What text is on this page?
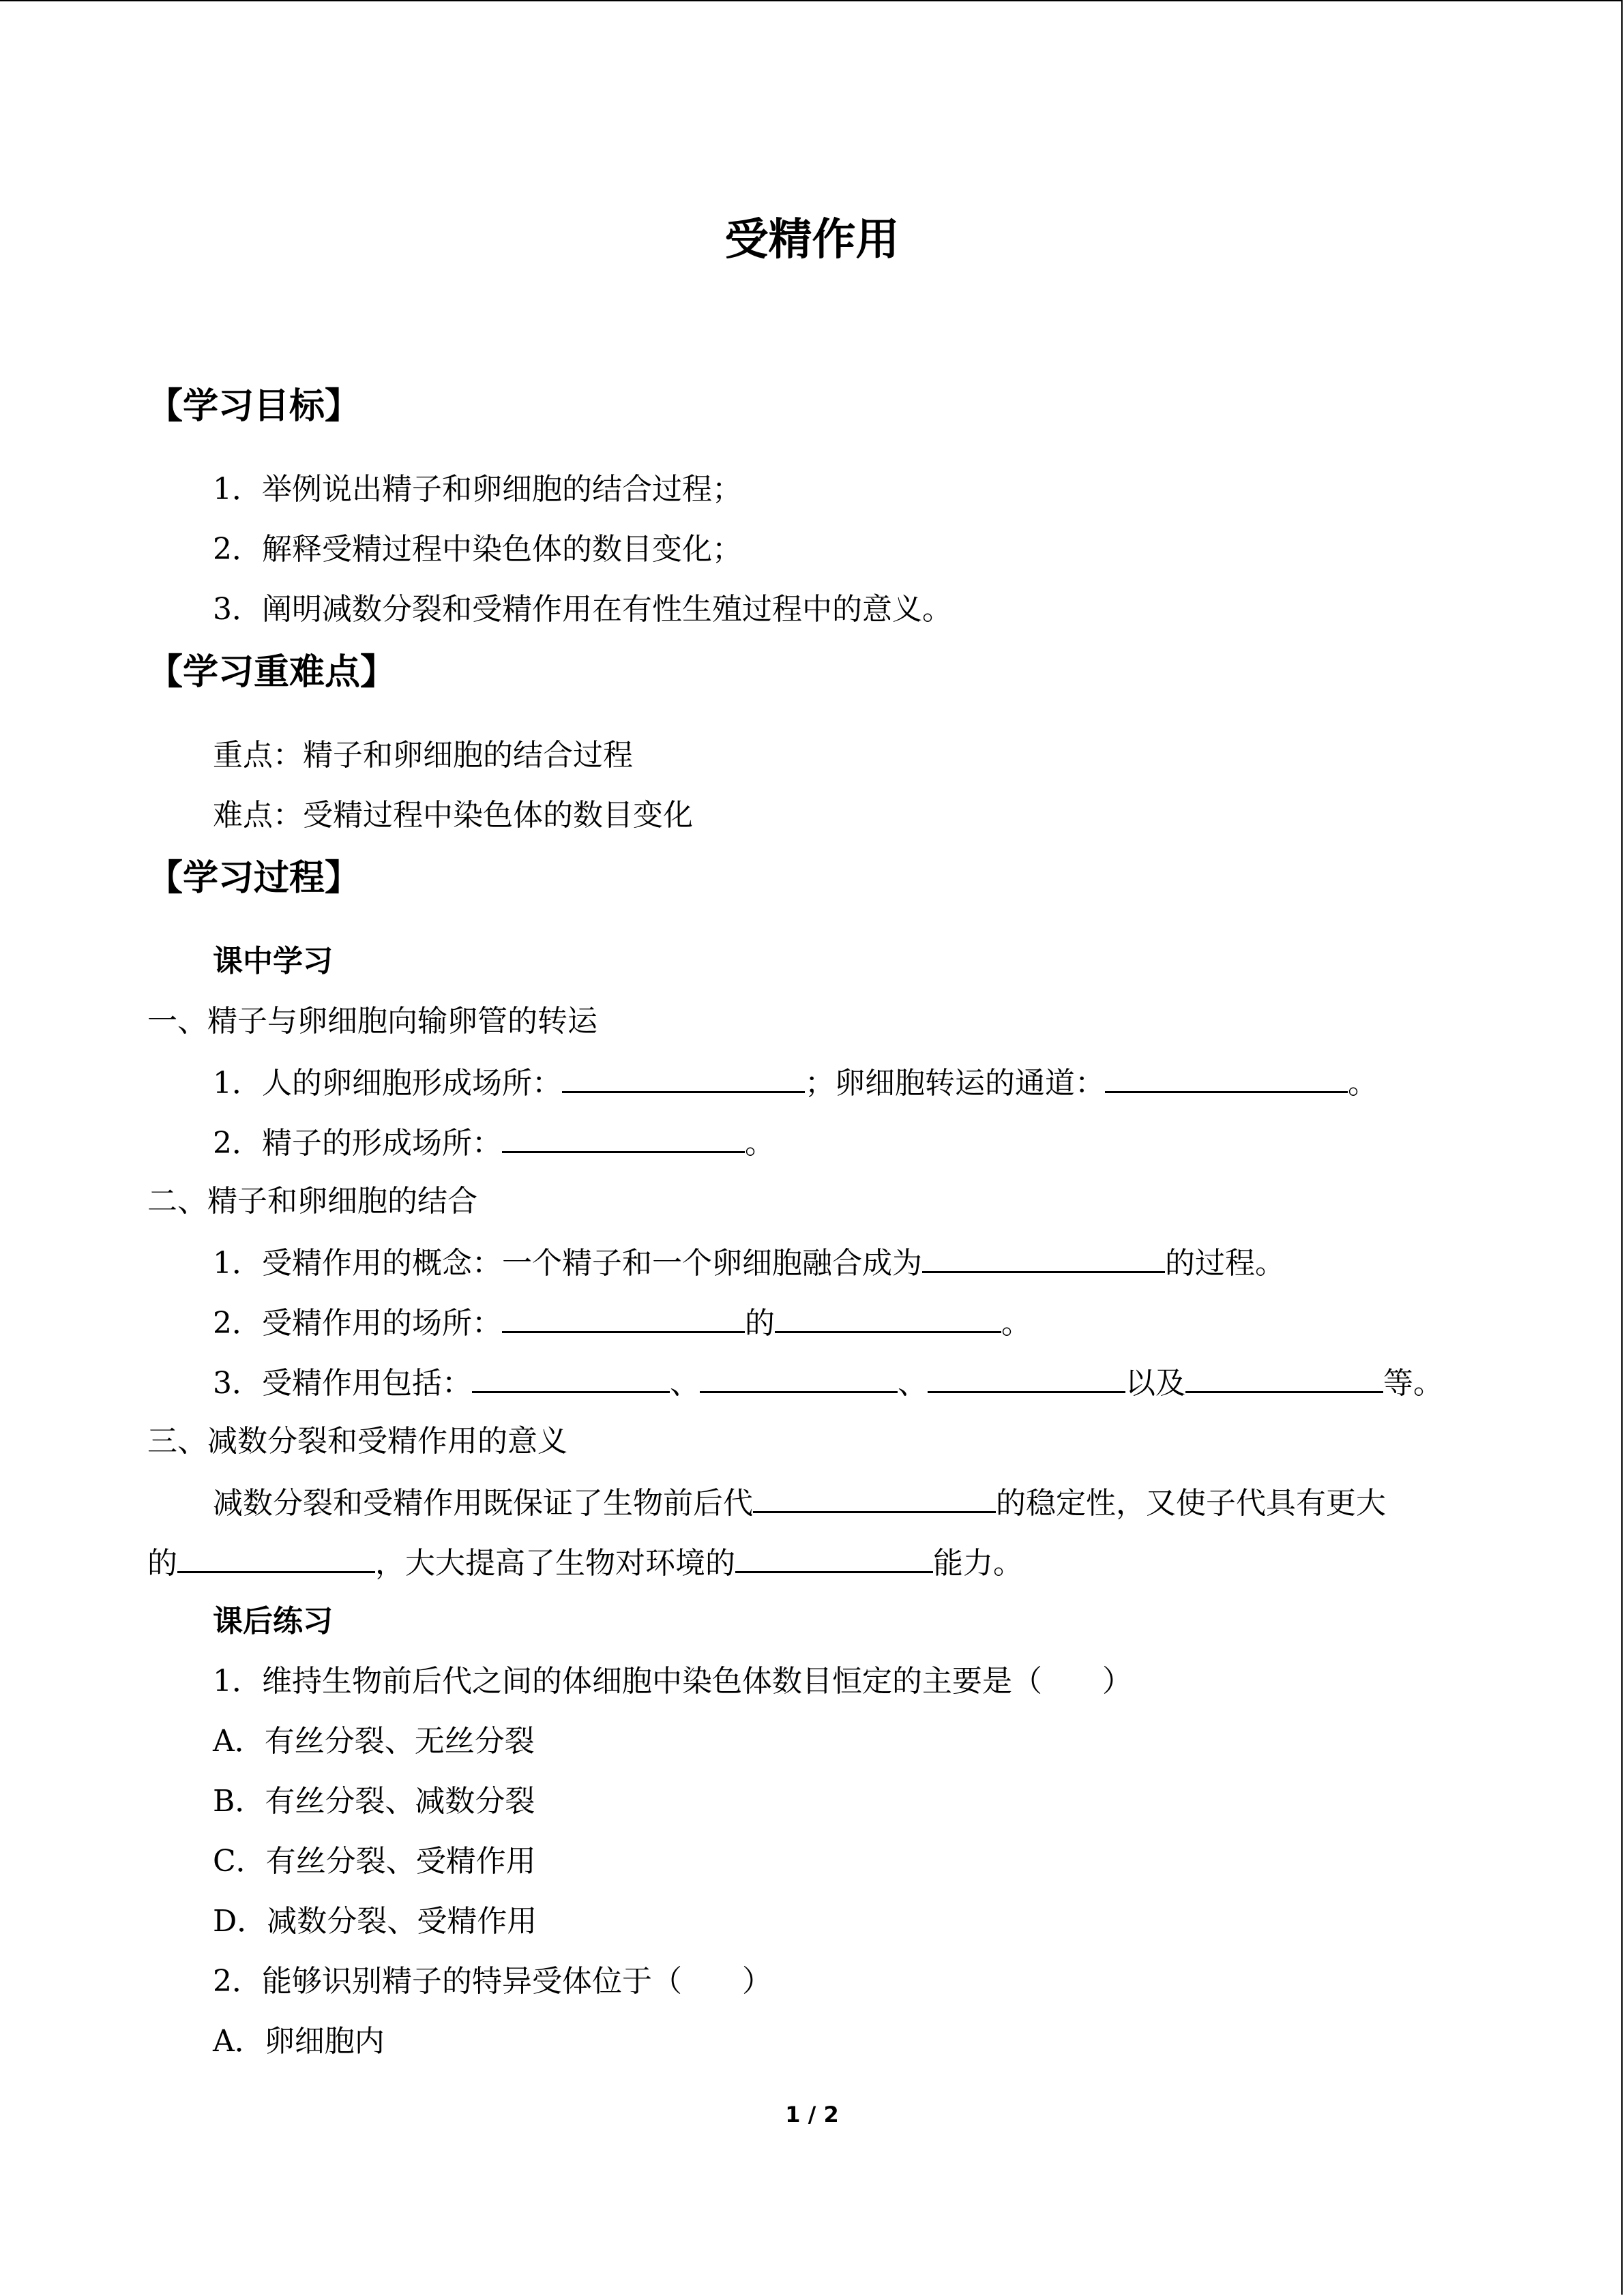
受精作用
【学习目标】
1．举例说出精子和卵细胞的结合过程；
2．解释受精过程中染色体的数目变化；
3．阐明减数分裂和受精作用在有性生殖过程中的意义。
【学习重难点】
重点：精子和卵细胞的结合过程
难点：受精过程中染色体的数目变化
【学习过程】
课中学习
一、精子与卵细胞向输卵管的转运
1．人的卵细胞形成场所：	；卵细胞转运的通道：	。
2．精子的形成场所：	。
二、精子和卵细胞的结合
1．受精作用的概念：一个精子和一个卵细胞融合成为	的过程。
2．受精作用的场所：	的	。
3．受精作用包括：	、	、	以及	等。
三、减数分裂和受精作用的意义
减数分裂和受精作用既保证了生物前后代	的稳定性，又使子代具有更大
的	，大大提高了生物对环境的	能力。
课后练习
1．维持生物前后代之间的体细胞中染色体数目恒定的主要是（　　）
A．有丝分裂、无丝分裂
B．有丝分裂、减数分裂
C．有丝分裂、受精作用
D．减数分裂、受精作用
2．能够识别精子的特异受体位于（　　）
A．卵细胞内
1 / 2
